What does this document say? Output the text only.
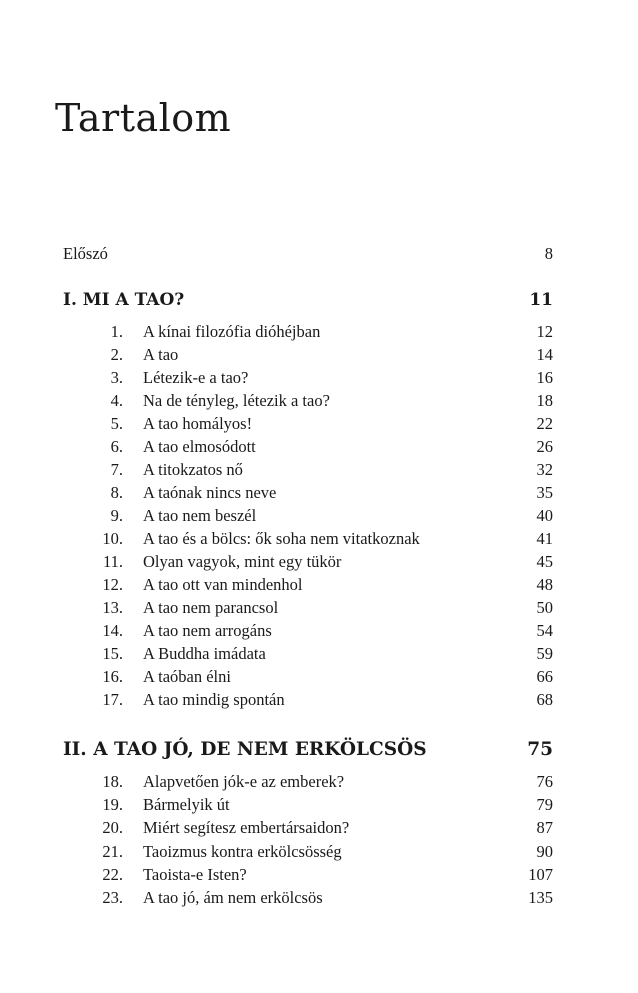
Tartalom
Előszó	8
I. MI A TAO?	11
1. A kínai filozófia dióhéjban	12
2. A tao	14
3. Létezik-e a tao?	16
4. Na de tényleg, létezik a tao?	18
5. A tao homályos!	22
6. A tao elmosódott	26
7. A titokzatos nő	32
8. A taónak nincs neve	35
9. A tao nem beszél	40
10. A tao és a bölcs: ők soha nem vitatkoznak	41
11. Olyan vagyok, mint egy tükör	45
12. A tao ott van mindenhol	48
13. A tao nem parancsol	50
14. A tao nem arrogáns	54
15. A Buddha imádata	59
16. A taóban élni	66
17. A tao mindig spontán	68
II. A TAO JÓ, DE NEM ERKÖLCSÖS	75
18. Alapvetően jók-e az emberek?	76
19. Bármelyik út	79
20. Miért segítesz embertársaidon?	87
21. Taoizmus kontra erkölcsösség	90
22. Taoista-e Isten?	107
23. A tao jó, ám nem erkölcsös	135
